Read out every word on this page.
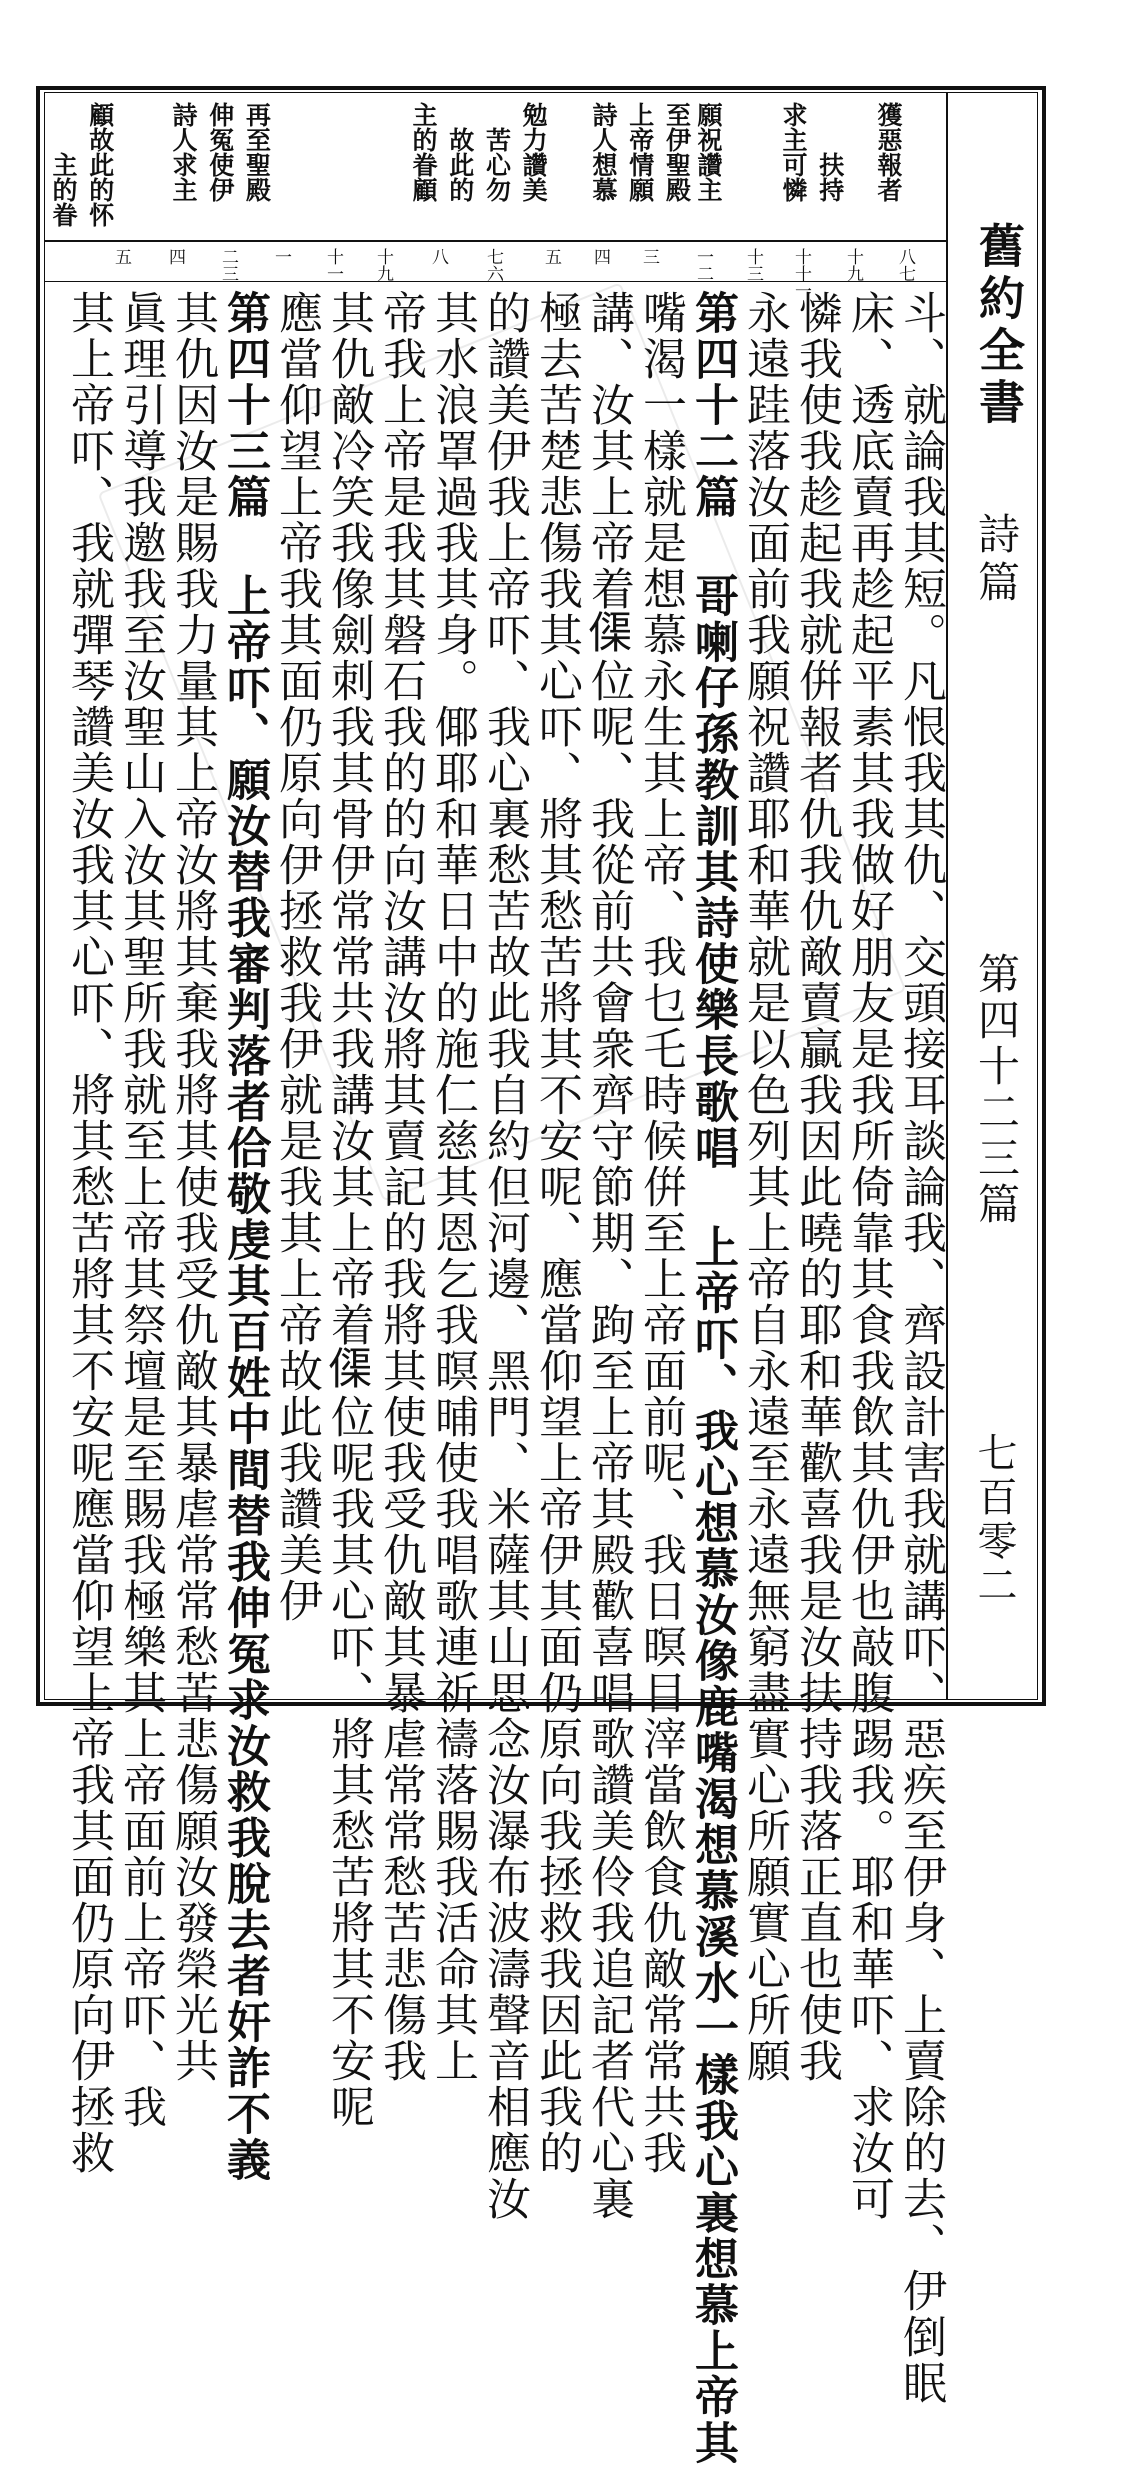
舊約全書
詩篇
第四十二三篇
七百零二
獲惡報者
求主可憐 扶持
願祝讚主
詩人想慕 上帝情願 至伊聖殿
主的眷顧 故此的 苦心勿 勉力讚美
詩人求主 伸冤使伊 再至聖殿
主的眷 顧故此的怀
八七
十九
十十一
十三
一二
三
四
五
七六
八
十九
十一
一
二三
四
五
斗、就論我其短。凡恨我其仇、交頭接耳談論我、齊設計害我就講吓、惡疾至伊身、上賣除的去、伊倒眠
床、透底賣再趁起平素其我做好朋友是我所倚靠其食我飲其仇伊也敲腹踢我。耶和華吓、求汝可
憐我使我趁起我就倂報者仇我仇敵賣贏我因此曉的耶和華歡喜我是汝扶持我落正直也使我
永遠跬落汝面前我願祝讚耶和華就是以色列其上帝自永遠至永遠無窮盡實心所願實心所願
第四十二篇 哥喇仔孫教訓其詩使樂長歌唱 上帝吓、我心想慕汝像鹿嘴渴想慕溪水一樣我心裏想慕上帝其
嘴渴一樣就是想慕永生其上帝、我乜乇時候倂至上帝面前呢、我日暝目滓當飲食仇敵常常共我
講、汝其上帝着𠍲位呢、我從前共會衆齊守節期、跔至上帝其殿歡喜唱歌讚美伶我追記者代心裏
極去苦楚悲傷我其心吓、將其愁苦將其不安呢、應當仰望上帝伊其面仍原向我拯救我因此我的
的讚美伊我上帝吓、我心裏愁苦故此我自約但河邊、黑門、米薩其山思念汝瀑布波濤聲音相應汝
其水浪罩過我其身。倻耶和華日中的施仁慈其恩乞我暝晡使我唱歌連祈禱落賜我活命其上
帝我上帝是我其磐石我的的向汝講汝將其賣記的我將其使我受仇敵其暴虐常常愁苦悲傷我
其仇敵冷笑我像劍刺我其骨伊常常共我講汝其上帝着𠍲位呢我其心吓、將其愁苦將其不安呢
應當仰望上帝我其面仍原向伊拯救我伊就是我其上帝故此我讚美伊
第四十三篇 上帝吓、願汝替我審判落者佮敬虔其百姓中間替我伸冤求汝救我脫去者奸詐不義
其仇因汝是賜我力量其上帝汝將其棄我將其使我受仇敵其暴虐常常愁苦悲傷願汝發榮光共
眞理引導我邀我至汝聖山入汝其聖所我就至上帝其祭壇是至賜我極樂其上帝面前上帝吓、我
其上帝吓、我就彈琴讚美汝我其心吓、將其愁苦將其不安呢應當仰望上帝我其面仍原向伊拯救
